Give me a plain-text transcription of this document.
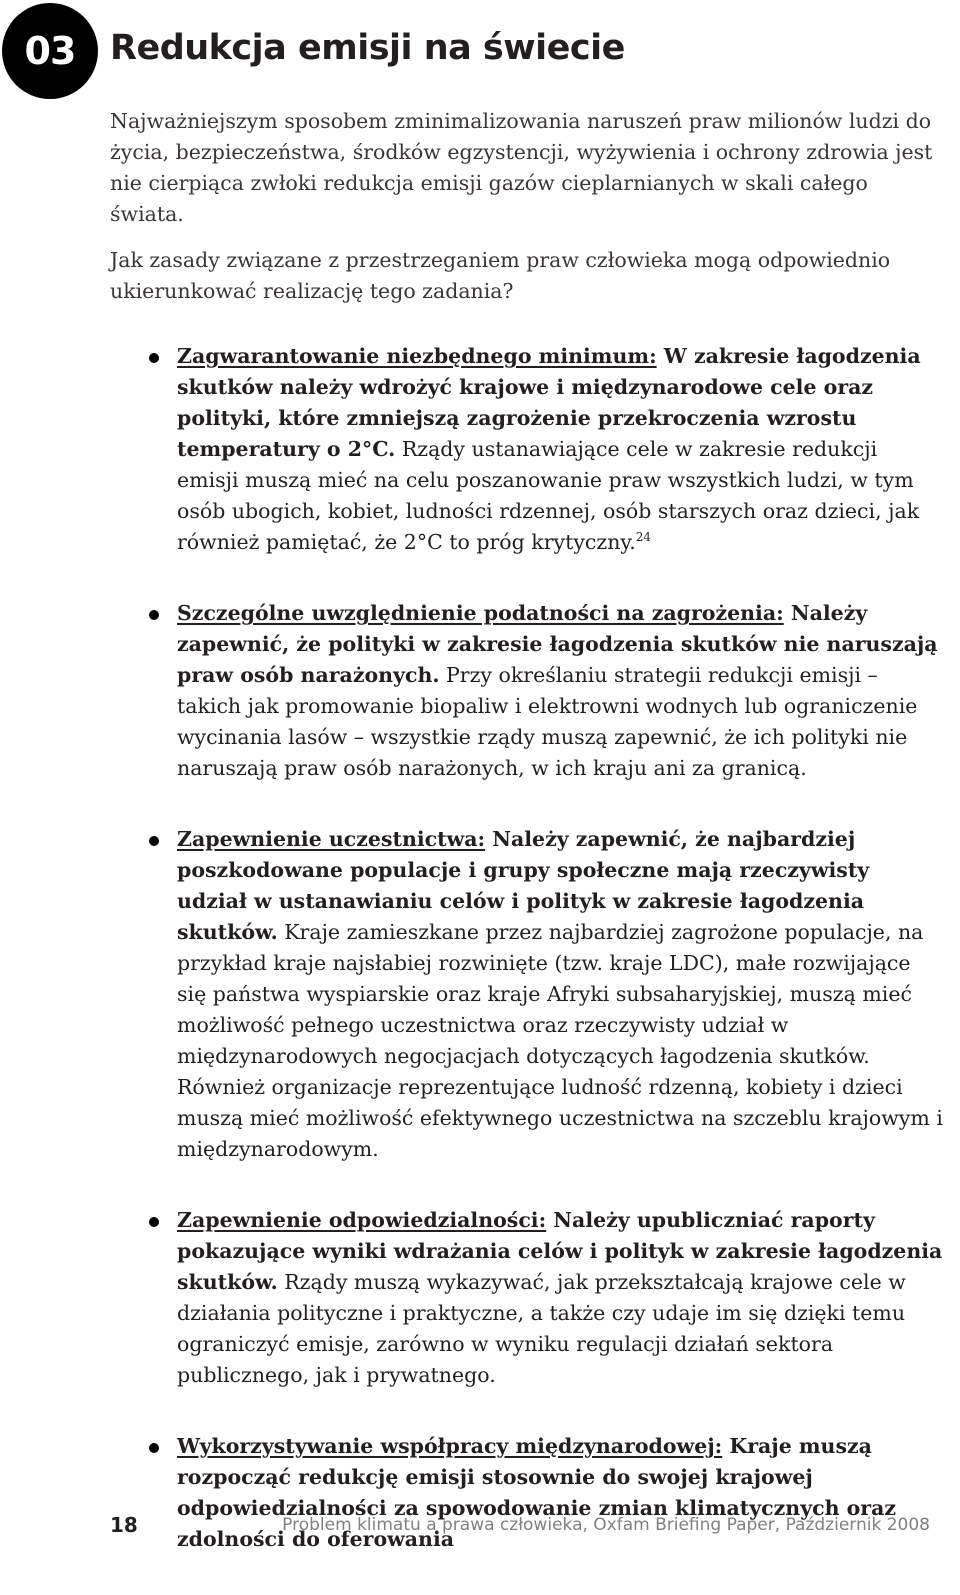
03 Redukcja emisji na świecie

Najważniejszym sposobem zminimalizowania naruszeń praw milionów ludzi do życia, bezpieczeństwa, środków egzystencji, wyżywienia i ochrony zdrowia jest nie cierpiąca zwłoki redukcja emisji gazów cieplarnianych w skali całego świata.

Jak zasady związane z przestrzeganiem praw człowieka mogą odpowiednio ukierunkować realizację tego zadania?

Zagwarantowanie niezbędnego minimum: W zakresie łagodzenia skutków należy wdrożyć krajowe i międzynarodowe cele oraz polityki, które zmniejszą zagrożenie przekroczenia wzrostu temperatury o 2°C. Rządy ustanawiające cele w zakresie redukcji emisji muszą mieć na celu poszanowanie praw wszystkich ludzi, w tym osób ubogich, kobiet, ludności rdzennej, osób starszych oraz dzieci, jak również pamiętać, że 2°C to próg krytyczny.$^{24}$
Szczególne uwzględnienie podatności na zagrożenia: Należy zapewnić, że polityki w zakresie łagodzenia skutków nie naruszają praw osób narażonych. Przy określaniu strategii redukcji emisji – takich jak promowanie biopaliw i elektrowni wodnych lub ograniczenie wycinania lasów – wszystkie rządy muszą zapewnić, że ich polityki nie naruszają praw osób narażonych, w ich kraju ani za granicą.
Zapewnienie uczestnictwa: Należy zapewnić, że najbardziej poszkodowane populacje i grupy społeczne mają rzeczywisty udział w ustanawianiu celów i polityk w zakresie łagodzenia skutków. Kraje zamieszkane przez najbardziej zagrożone populacje, na przykład kraje najsłabiej rozwinięte (tzw. kraje LDC), małe rozwijające się państwa wyspiarskie oraz kraje Afryki subsaharyjskiej, muszą mieć możliwość pełnego uczestnictwa oraz rzeczywisty udział w międzynarodowych negocjacjach dotyczących łagodzenia skutków. Również organizacje reprezentujące ludność rdzenną, kobiety i dzieci muszą mieć możliwość efektywnego uczestnictwa na szczeblu krajowym i międzynarodowym.
Zapewnienie odpowiedzialności: Należy upubliczniać raporty pokazujące wyniki wdrażania celów i polityk w zakresie łagodzenia skutków. Rządy muszą wykazywać, jak przekształcają krajowe cele w działania polityczne i praktyczne, a także czy udaje im się dzięki temu ograniczyć emisje, zarówno w wyniku regulacji działań sektora publicznego, jak i prywatnego.
Wykorzystywanie współpracy międzynarodowej: Kraje muszą rozpocząć redukcję emisji stosownie do swojej krajowej odpowiedzialności za spowodowanie zmian klimatycznych oraz zdolności do oferowania
18	Problem klimatu a prawa człowieka, Oxfam Briefing Paper, Październik 2008
